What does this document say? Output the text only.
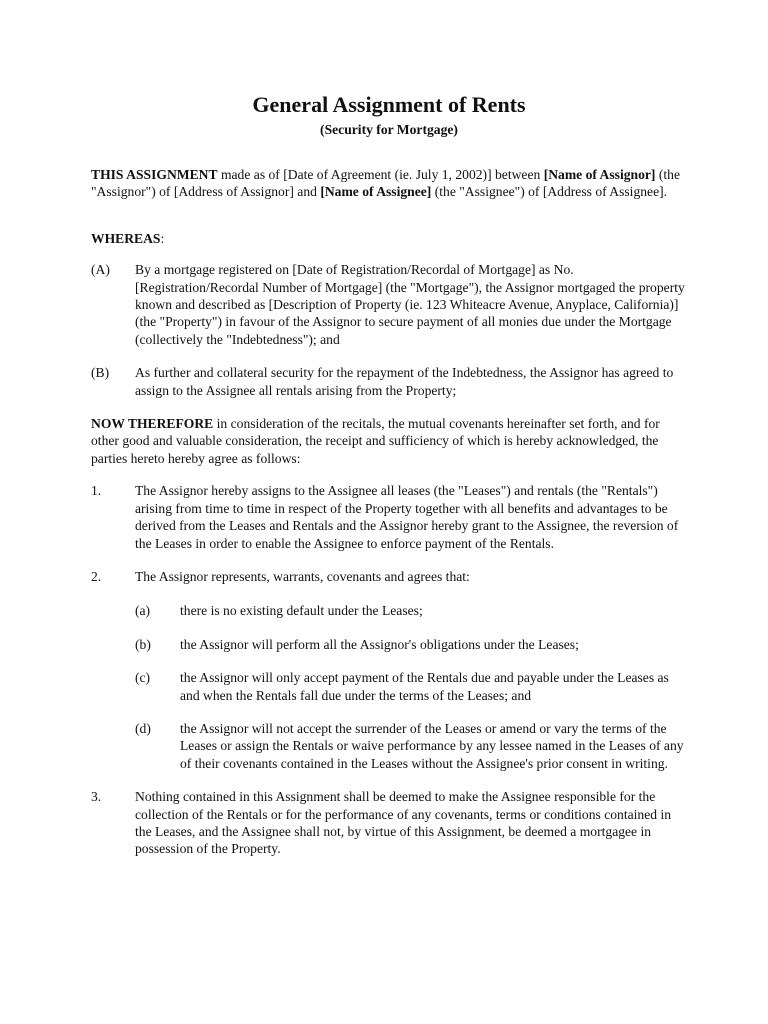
General Assignment of Rents

(Security for Mortgage)

THIS ASSIGNMENT made as of [Date of Agreement (ie. July 1, 2002)] between [Name of Assignor] (the "Assignor") of [Address of Assignor] and [Name of Assignee] (the "Assignee") of [Address of Assignee].

WHEREAS:

(A)	By a mortgage registered on [Date of Registration/Recordal of Mortgage] as No. [Registration/Recordal Number of Mortgage] (the "Mortgage"), the Assignor mortgaged the property known and described as [Description of Property (ie. 123 Whiteacre Avenue, Anyplace, California)] (the "Property") in favour of the Assignor to secure payment of all monies due under the Mortgage (collectively the "Indebtedness"); and
(B)	As further and collateral security for the repayment of the Indebtedness, the Assignor has agreed to assign to the Assignee all rentals arising from the Property;

NOW THEREFORE in consideration of the recitals, the mutual covenants hereinafter set forth, and for other good and valuable consideration, the receipt and sufficiency of which is hereby acknowledged, the parties hereto hereby agree as follows:

1.	The Assignor hereby assigns to the Assignee all leases (the "Leases") and rentals (the "Rentals") arising from time to time in respect of the Property together with all benefits and advantages to be derived from the Leases and Rentals and the Assignor hereby grant to the Assignee, the reversion of the Leases in order to enable the Assignee to enforce payment of the Rentals.
2.	The Assignor represents, warrants, covenants and agrees that:
(a)	there is no existing default under the Leases;
(b)	the Assignor will perform all the Assignor's obligations under the Leases;
(c)	the Assignor will only accept payment of the Rentals due and payable under the Leases as and when the Rentals fall due under the terms of the Leases; and
(d)	the Assignor will not accept the surrender of the Leases or amend or vary the terms of the Leases or assign the Rentals or waive performance by any lessee named in the Leases of any of their covenants contained in the Leases without the Assignee's prior consent in writing.
3.	Nothing contained in this Assignment shall be deemed to make the Assignee responsible for the collection of the Rentals or for the performance of any covenants, terms or conditions contained in the Leases, and the Assignee shall not, by virtue of this Assignment, be deemed a mortgagee in possession of the Property.
